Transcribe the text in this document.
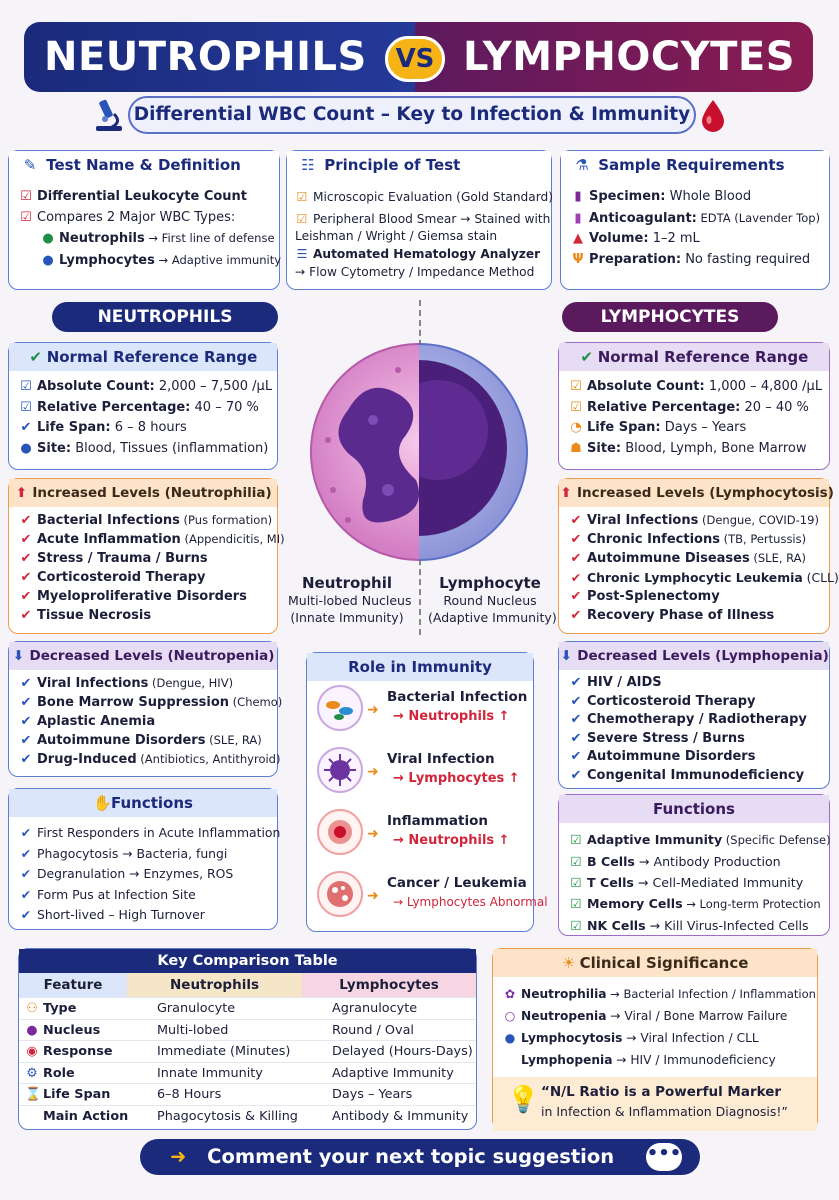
NEUTROPHILS	LYMPHOCYTES
VS
Differential WBC Count – Key to Infection & Immunity
✎ Test Name & Definition
☑ Differential Leukocyte Count
☑ Compares 2 Major WBC Types:
● Neutrophils → First line of defense
● Lymphocytes → Adaptive immunity
☷ Principle of Test
☑ Microscopic Evaluation (Gold Standard)
☑ Peripheral Blood Smear → Stained with
Leishman / Wright / Giemsa stain
☰ Automated Hematology Analyzer
→ Flow Cytometry / Impedance Method
⚗ Sample Requirements
▮ Specimen: Whole Blood
▮ Anticoagulant: EDTA (Lavender Top)
▲ Volume: 1–2 mL
Ψ Preparation: No fasting required
NEUTROPHILS	LYMPHOCYTES
✔ Normal Reference Range
☑ Absolute Count: 2,000 – 7,500 /µL
☑ Relative Percentage: 40 – 70 %
✔ Life Span: 6 – 8 hours
● Site: Blood, Tissues (inflammation)
✔ Normal Reference Range
☑ Absolute Count: 1,000 – 4,800 /µL
☑ Relative Percentage: 20 – 40 %
◔ Life Span: Days – Years
☗ Site: Blood, Lymph, Bone Marrow
⬆ Increased Levels (Neutrophilia)
✔ Bacterial Infections (Pus formation)
✔ Acute Inflammation (Appendicitis, MI)
✔ Stress / Trauma / Burns
✔ Corticosteroid Therapy
✔ Myeloproliferative Disorders
✔ Tissue Necrosis
⬆ Increased Levels (Lymphocytosis)
✔ Viral Infections (Dengue, COVID-19)
✔ Chronic Infections (TB, Pertussis)
✔ Autoimmune Diseases (SLE, RA)
✔ Chronic Lymphocytic Leukemia (CLL)
✔ Post-Splenectomy
✔ Recovery Phase of Illness
Neutrophil
Multi-lobed Nucleus
(Innate Immunity)
Lymphocyte
Round Nucleus
(Adaptive Immunity)
⬇ Decreased Levels (Neutropenia)
✔ Viral Infections (Dengue, HIV)
✔ Bone Marrow Suppression (Chemo)
✔ Aplastic Anemia
✔ Autoimmune Disorders (SLE, RA)
✔ Drug-Induced (Antibiotics, Antithyroid)
⬇ Decreased Levels (Lymphopenia)
✔ HIV / AIDS
✔ Corticosteroid Therapy
✔ Chemotherapy / Radiotherapy
✔ Severe Stress / Burns
✔ Autoimmune Disorders
✔ Congenital Immunodeficiency
Role in Immunity
➜
Bacterial Infection
→ Neutrophils ↑
➜
Viral Infection
→ Lymphocytes ↑
➜
Inflammation
→ Neutrophils ↑
➜
Cancer / Leukemia
→ Lymphocytes Abnormal
✋Functions
✔ First Responders in Acute Inflammation
✔ Phagocytosis → Bacteria, fungi
✔ Degranulation → Enzymes, ROS
✔ Form Pus at Infection Site
✔ Short-lived – High Turnover
Functions
☑ Adaptive Immunity (Specific Defense)
☑ B Cells → Antibody Production
☑ T Cells → Cell-Mediated Immunity
☑ Memory Cells → Long-term Protection
☑ NK Cells → Kill Virus-Infected Cells
Key Comparison Table
Feature	Neutrophils	Lymphocytes
⚇ Type	Granulocyte	Agranulocyte
● Nucleus	Multi-lobed	Round / Oval
◉ Response	Immediate (Minutes)	Delayed (Hours-Days)
⚙ Role	Innate Immunity	Adaptive Immunity
⌛ Life Span	6–8 Hours	Days – Years
Main Action	Phagocytosis & Killing	Antibody & Immunity
☀ Clinical Significance
✿ Neutrophilia → Bacterial Infection / Inflammation
○ Neutropenia → Viral / Bone Marrow Failure
● Lymphocytosis → Viral Infection / CLL
Lymphopenia → HIV / Immunodeficiency
💡 “N/L Ratio is a Powerful Marker
in Infection & Inflammation Diagnosis!”
➜ Comment your next topic suggestion •••
